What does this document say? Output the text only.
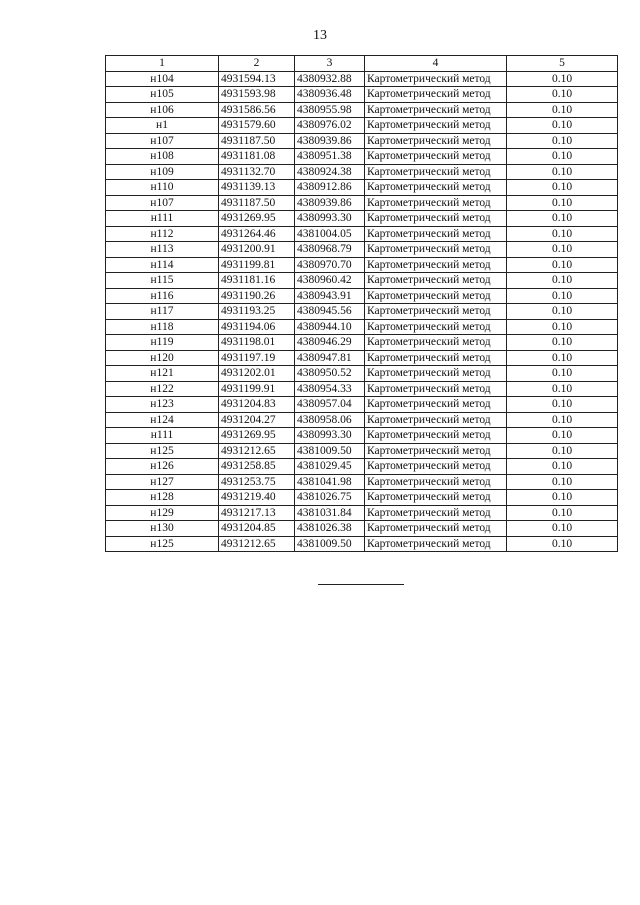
13
1	2	3	4	5
н104	4931594.13	4380932.88	Картометрический метод	0.10
н105	4931593.98	4380936.48	Картометрический метод	0.10
н106	4931586.56	4380955.98	Картометрический метод	0.10
н1	4931579.60	4380976.02	Картометрический метод	0.10
н107	4931187.50	4380939.86	Картометрический метод	0.10
н108	4931181.08	4380951.38	Картометрический метод	0.10
н109	4931132.70	4380924.38	Картометрический метод	0.10
н110	4931139.13	4380912.86	Картометрический метод	0.10
н107	4931187.50	4380939.86	Картометрический метод	0.10
н111	4931269.95	4380993.30	Картометрический метод	0.10
н112	4931264.46	4381004.05	Картометрический метод	0.10
н113	4931200.91	4380968.79	Картометрический метод	0.10
н114	4931199.81	4380970.70	Картометрический метод	0.10
н115	4931181.16	4380960.42	Картометрический метод	0.10
н116	4931190.26	4380943.91	Картометрический метод	0.10
н117	4931193.25	4380945.56	Картометрический метод	0.10
н118	4931194.06	4380944.10	Картометрический метод	0.10
н119	4931198.01	4380946.29	Картометрический метод	0.10
н120	4931197.19	4380947.81	Картометрический метод	0.10
н121	4931202.01	4380950.52	Картометрический метод	0.10
н122	4931199.91	4380954.33	Картометрический метод	0.10
н123	4931204.83	4380957.04	Картометрический метод	0.10
н124	4931204.27	4380958.06	Картометрический метод	0.10
н111	4931269.95	4380993.30	Картометрический метод	0.10
н125	4931212.65	4381009.50	Картометрический метод	0.10
н126	4931258.85	4381029.45	Картометрический метод	0.10
н127	4931253.75	4381041.98	Картометрический метод	0.10
н128	4931219.40	4381026.75	Картометрический метод	0.10
н129	4931217.13	4381031.84	Картометрический метод	0.10
н130	4931204.85	4381026.38	Картометрический метод	0.10
н125	4931212.65	4381009.50	Картометрический метод	0.10
